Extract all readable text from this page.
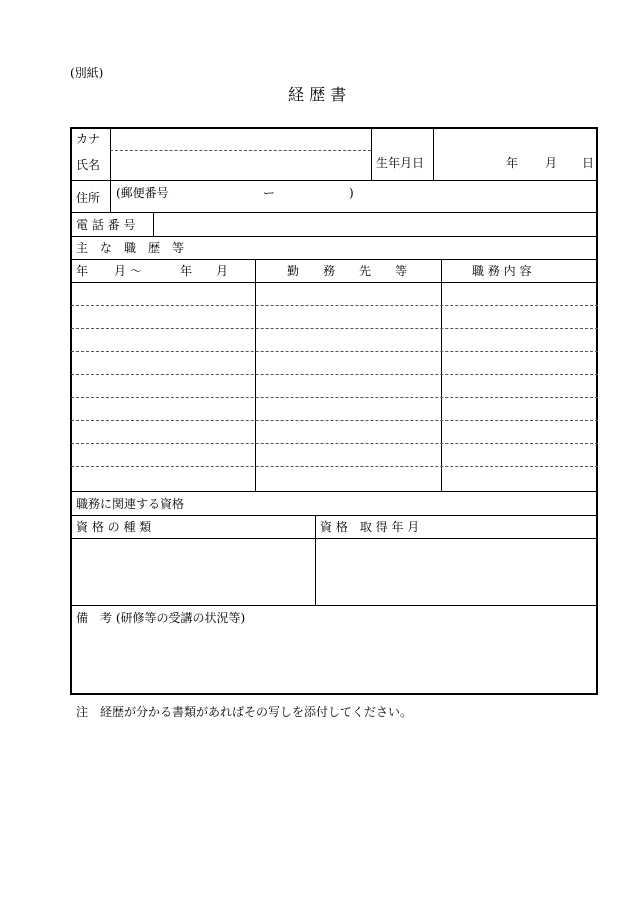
(別紙)
経 歴 書
カナ
氏名	生年月日	年 月 日
住所 (郵便番号	ー	)
電 話 番 号
主　な　職　歴　等
年 月 〜	年 月	勤　　務　　先　　等	職 務 内 容
職務に関連する資格
資 格 の 種 類	資 格　取 得 年 月
備　考 (研修等の受講の状況等)
注　経歴が分かる書類があればその写しを添付してください。
